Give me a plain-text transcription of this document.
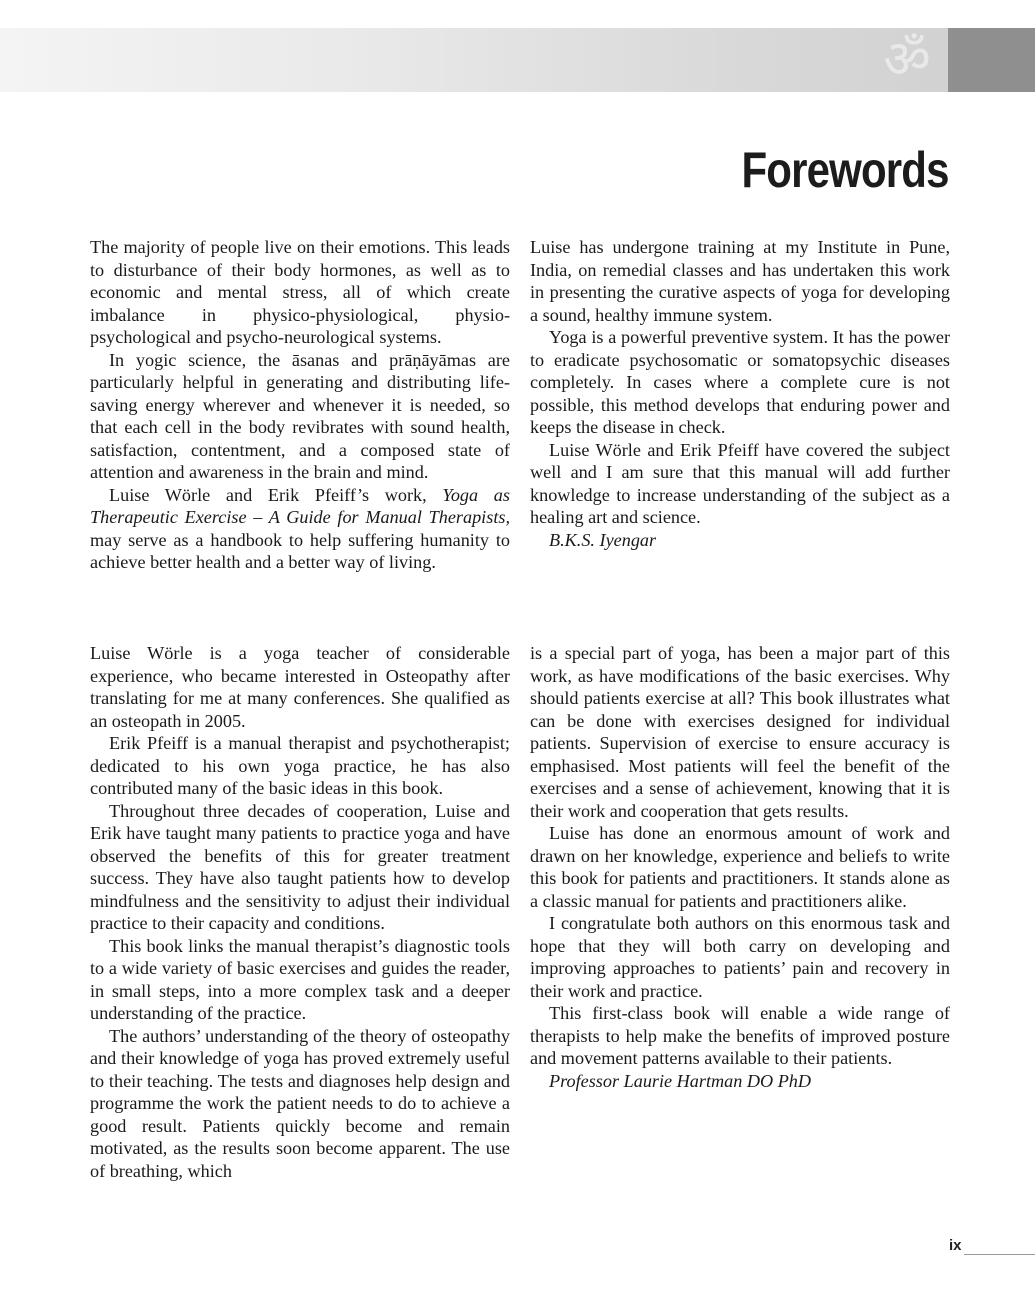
ॐ
Forewords

The majority of people live on their emotions. This leads to disturbance of their body hormones, as well as to economic and mental stress, all of which create imbalance in physico-physiological, physio-psychological and psycho-neurological systems.

In yogic science, the āsanas and prāṇāyāmas are particularly helpful in generating and distributing life-saving energy wherever and whenever it is needed, so that each cell in the body revibrates with sound health, satisfaction, contentment, and a composed state of attention and awareness in the brain and mind.

Luise Wörle and Erik Pfeiff’s work, Yoga as Therapeutic Exercise – A Guide for Manual Therapists, may serve as a handbook to help suffering humanity to achieve better health and a better way of living.

Luise has undergone training at my Institute in Pune, India, on remedial classes and has undertaken this work in presenting the curative aspects of yoga for developing a sound, healthy immune system.

Yoga is a powerful preventive system. It has the power to eradicate psychosomatic or somatopsychic diseases completely. In cases where a complete cure is not possible, this method develops that enduring power and keeps the disease in check.

Luise Wörle and Erik Pfeiff have covered the subject well and I am sure that this manual will add further knowledge to increase understanding of the subject as a healing art and science.

B.K.S. Iyengar

Luise Wörle is a yoga teacher of considerable experience, who became interested in Osteopathy after translating for me at many conferences. She qualified as an osteopath in 2005.

Erik Pfeiff is a manual therapist and psychotherapist; dedicated to his own yoga practice, he has also contributed many of the basic ideas in this book.

Throughout three decades of cooperation, Luise and Erik have taught many patients to practice yoga and have observed the benefits of this for greater treatment success. They have also taught patients how to develop mindfulness and the sensitivity to adjust their individual practice to their capacity and conditions.

This book links the manual therapist’s diagnostic tools to a wide variety of basic exercises and guides the reader, in small steps, into a more complex task and a deeper understanding of the practice.

The authors’ understanding of the theory of osteopathy and their knowledge of yoga has proved extremely useful to their teaching. The tests and diagnoses help design and programme the work the patient needs to do to achieve a good result. Patients quickly become and remain motivated, as the results soon become apparent. The use of breathing, which

is a special part of yoga, has been a major part of this work, as have modifications of the basic exercises. Why should patients exercise at all? This book illustrates what can be done with exercises designed for individual patients. Supervision of exercise to ensure accuracy is emphasised. Most patients will feel the benefit of the exercises and a sense of achievement, knowing that it is their work and cooperation that gets results.

Luise has done an enormous amount of work and drawn on her knowledge, experience and beliefs to write this book for patients and practitioners. It stands alone as a classic manual for patients and practitioners alike.

I congratulate both authors on this enormous task and hope that they will both carry on developing and improving approaches to patients’ pain and recovery in their work and practice.

This first-class book will enable a wide range of therapists to help make the benefits of improved posture and movement patterns available to their patients.

Professor Laurie Hartman DO PhD

ix
